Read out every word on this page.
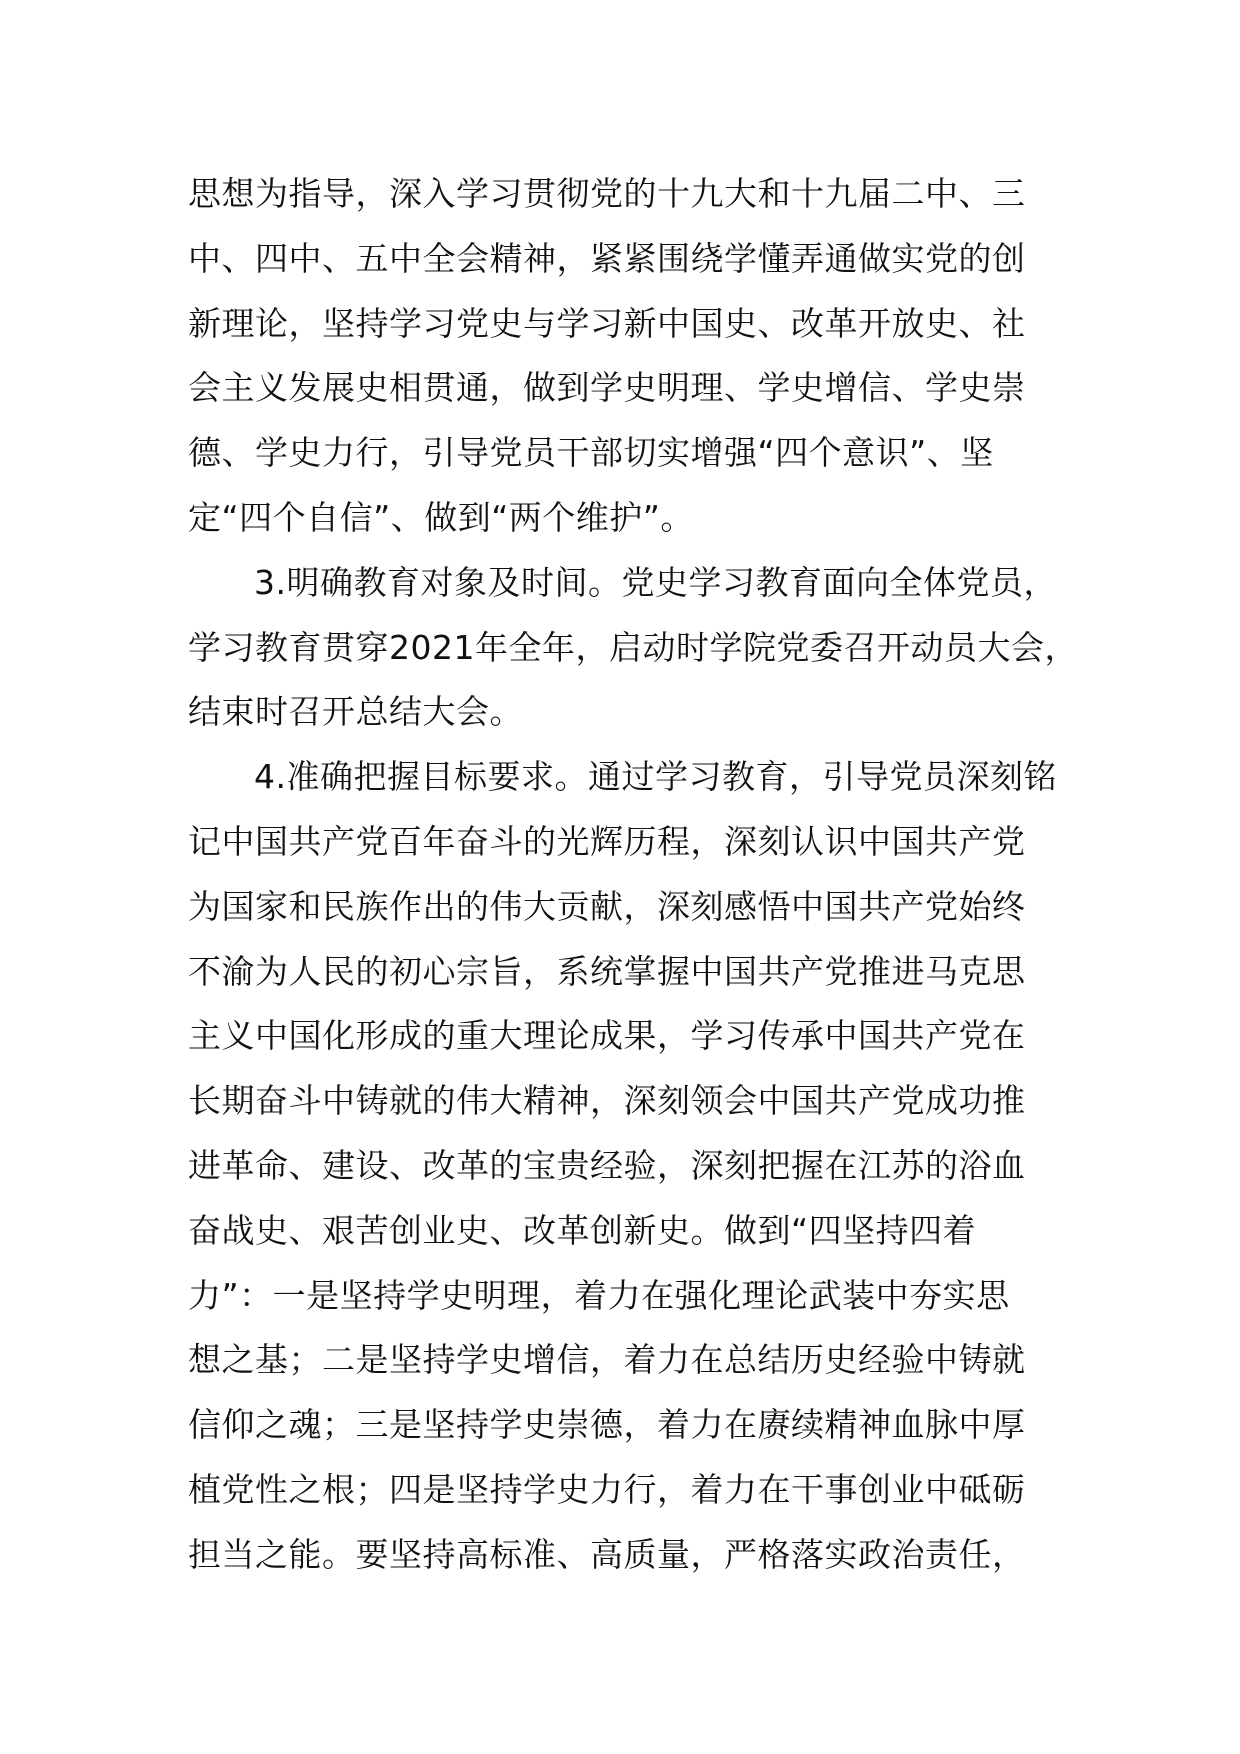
思想为指导，深入学习贯彻党的十九大和十九届二中、三
中、四中、五中全会精神，紧紧围绕学懂弄通做实党的创
新理论，坚持学习党史与学习新中国史、改革开放史、社
会主义发展史相贯通，做到学史明理、学史增信、学史崇
德、学史力行，引导党员干部切实增强“四个意识”、坚
定“四个自信”、做到“两个维护”。

3.明确教育对象及时间。党史学习教育面向全体党员，
学习教育贯穿2021年全年，启动时学院党委召开动员大会，
结束时召开总结大会。

4.准确把握目标要求。通过学习教育，引导党员深刻铭
记中国共产党百年奋斗的光辉历程，深刻认识中国共产党
为国家和民族作出的伟大贡献，深刻感悟中国共产党始终
不渝为人民的初心宗旨，系统掌握中国共产党推进马克思
主义中国化形成的重大理论成果，学习传承中国共产党在
长期奋斗中铸就的伟大精神，深刻领会中国共产党成功推
进革命、建设、改革的宝贵经验，深刻把握在江苏的浴血
奋战史、艰苦创业史、改革创新史。做到“四坚持四着
力”：一是坚持学史明理，着力在强化理论武装中夯实思
想之基；二是坚持学史增信，着力在总结历史经验中铸就
信仰之魂；三是坚持学史崇德，着力在赓续精神血脉中厚
植党性之根；四是坚持学史力行，着力在干事创业中砥砺
担当之能。要坚持高标准、高质量，严格落实政治责任，
